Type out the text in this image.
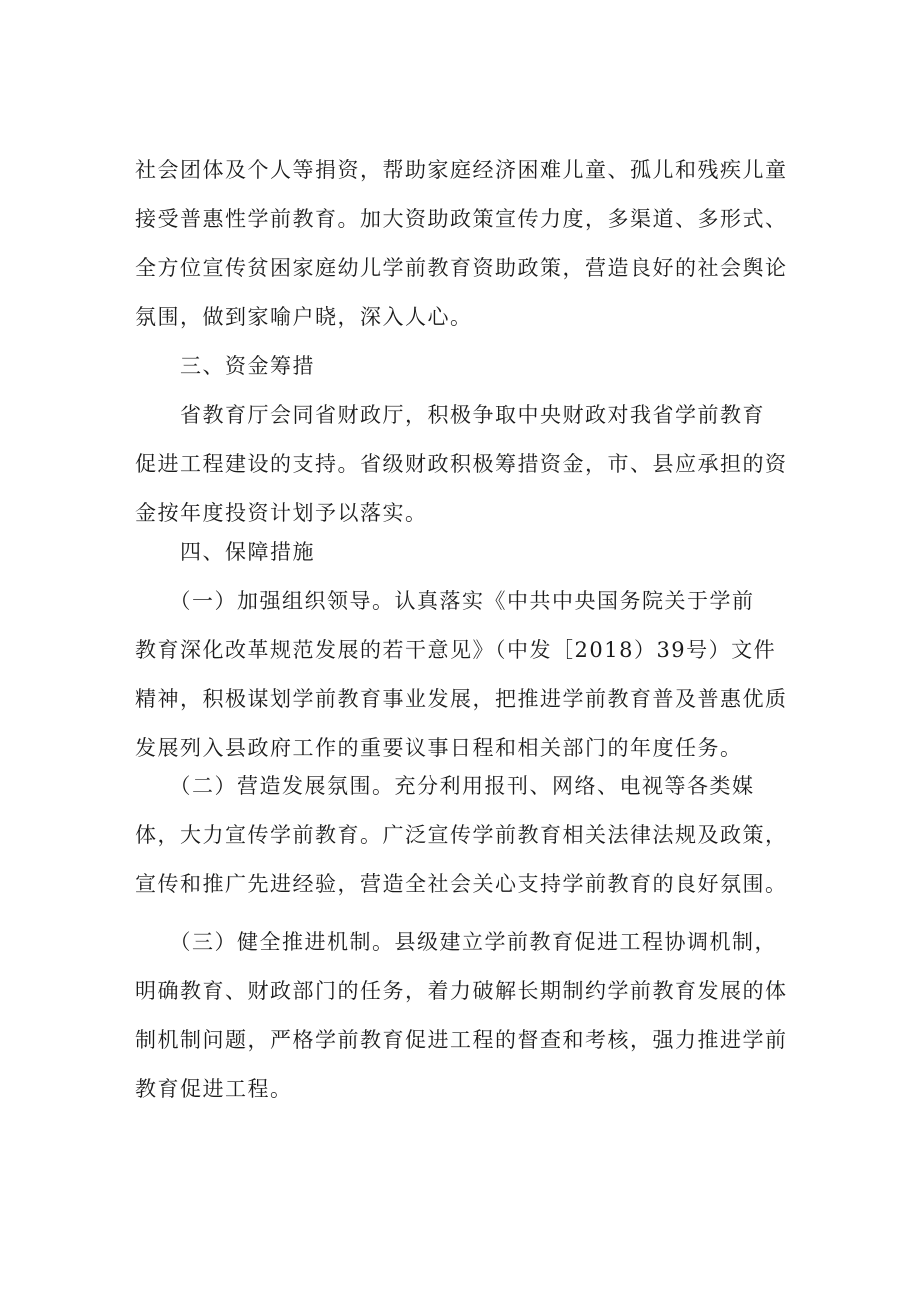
社会团体及个人等捐资，帮助家庭经济困难儿童、孤儿和残疾儿童
接受普惠性学前教育。加大资助政策宣传力度，多渠道、多形式、
全方位宣传贫困家庭幼儿学前教育资助政策，营造良好的社会舆论
氛围，做到家喻户晓，深入人心。
　　三、资金筹措
　　省教育厅会同省财政厅，积极争取中央财政对我省学前教育
促进工程建设的支持。省级财政积极筹措资金，市、县应承担的资
金按年度投资计划予以落实。
　　四、保障措施
　　（一）加强组织领导。认真落实《中共中央国务院关于学前
教育深化改革规范发展的若干意见》（中发［2018）39号）文件
精神，积极谋划学前教育事业发展，把推进学前教育普及普惠优质
发展列入县政府工作的重要议事日程和相关部门的年度任务。
　　（二）营造发展氛围。充分利用报刊、网络、电视等各类媒
体，大力宣传学前教育。广泛宣传学前教育相关法律法规及政策，
宣传和推广先进经验，营造全社会关心支持学前教育的良好氛围。
　　（三）健全推进机制。县级建立学前教育促进工程协调机制，
明确教育、财政部门的任务，着力破解长期制约学前教育发展的体
制机制问题，严格学前教育促进工程的督查和考核，强力推进学前
教育促进工程。
